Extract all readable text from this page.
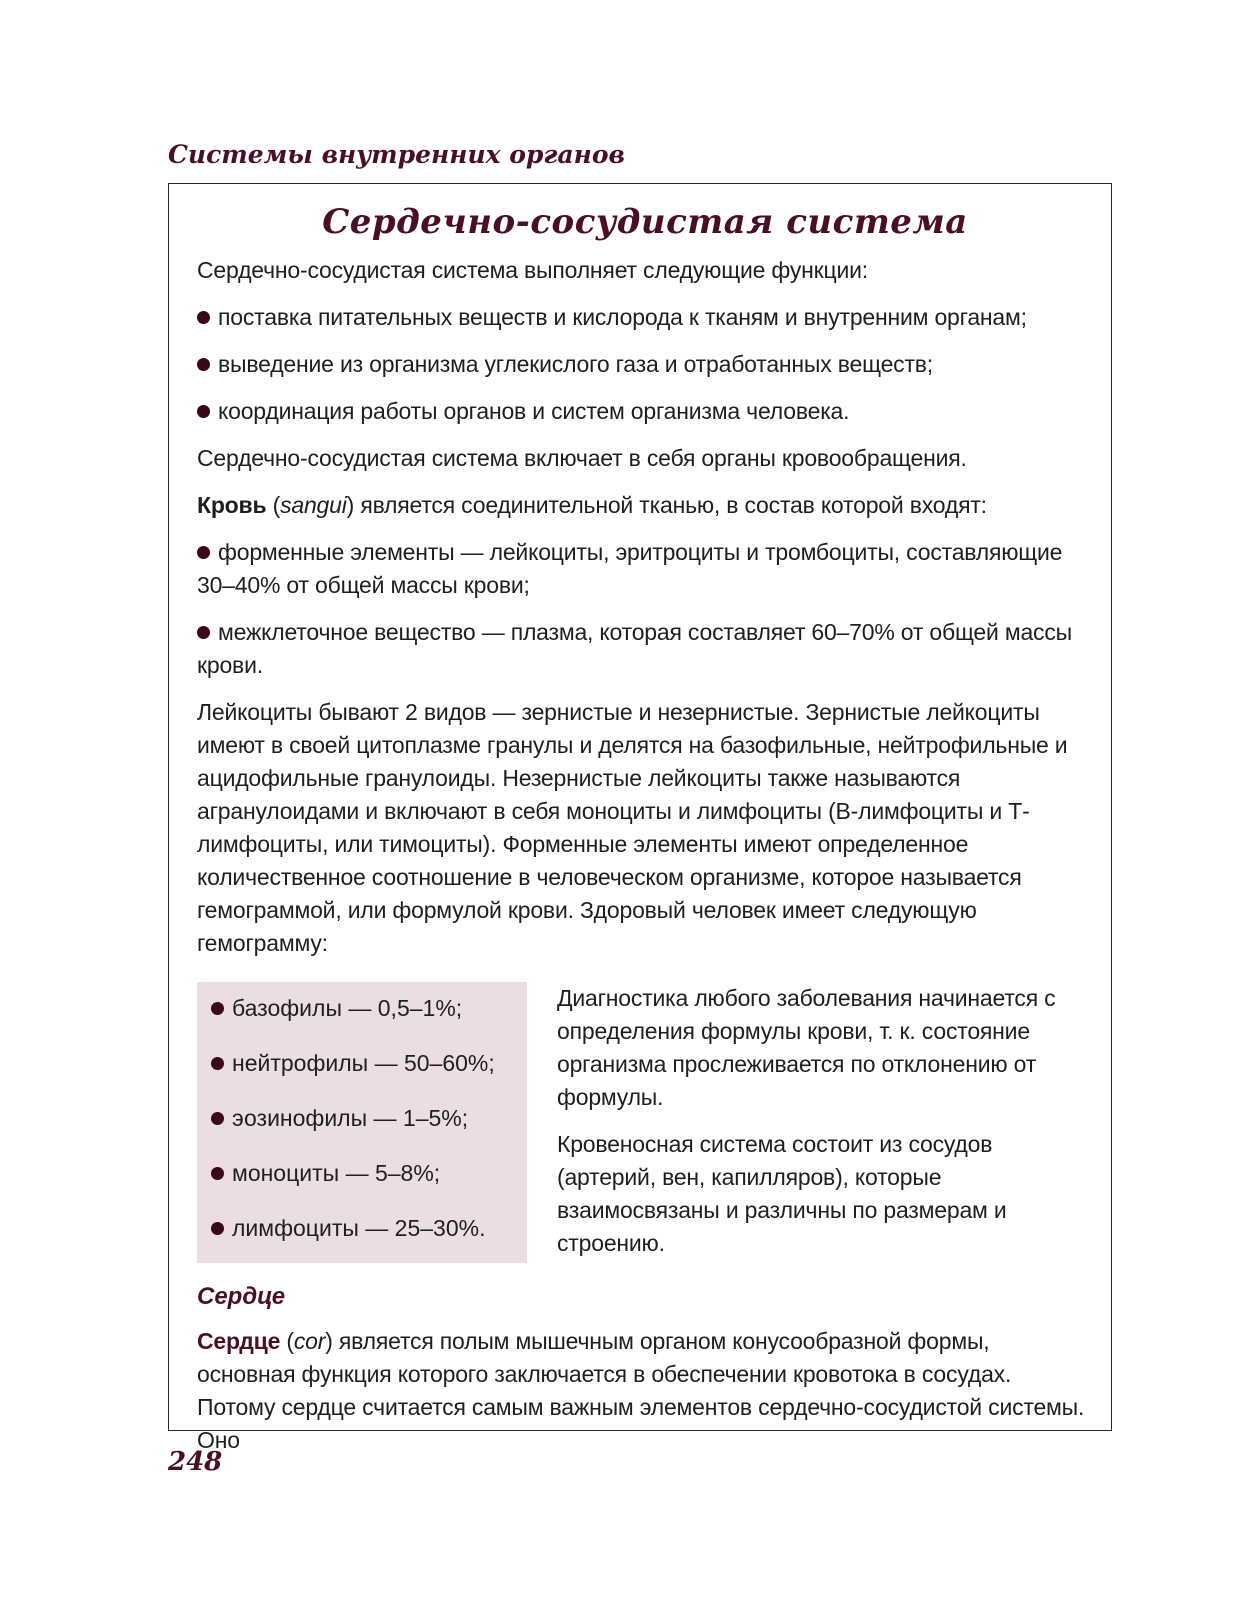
Системы внутренних органов
Сердечно-сосудистая система

Сердечно-сосудистая система выполняет следующие функции:

поставка питательных веществ и кислорода к тканям и внутренним органам;

выведение из организма углекислого газа и отработанных веществ;

координация работы органов и систем организма человека.

Сердечно-сосудистая система включает в себя органы кровообращения.

Кровь (sangui) является соединительной тканью, в состав которой входят:

форменные элементы — лейкоциты, эритроциты и тромбоциты, составляющие 30–40% от общей массы крови;

межклеточное вещество — плазма, которая составляет 60–70% от общей массы крови.

Лейкоциты бывают 2 видов — зернистые и незернистые. Зернистые лейкоциты имеют в своей цитоплазме гранулы и делятся на базофильные, нейтрофильные и ацидофильные гранулоиды. Незернистые лейкоциты также называются агранулоидами и включают в себя моноциты и лимфоциты (В-лимфоциты и Т-лимфоциты, или тимоциты). Форменные элементы имеют определенное количественное соотношение в человеческом организме, которое называется гемограммой, или формулой крови. Здоровый человек имеет следующую гемограмму:

базофилы — 0,5–1%;
нейтрофилы — 50–60%;
эозинофилы — 1–5%;
моноциты — 5–8%;
лимфоциты — 25–30%.

Диагностика любого заболевания начинается с определения формулы крови, т. к. состояние организма прослеживается по отклонению от формулы.

Кровеносная система состоит из сосудов (артерий, вен, капилляров), которые взаимосвязаны и различны по размерам и строению.

Сердце

Сердце (cor) является полым мышечным органом конусообразной формы, основная функция которого заключается в обеспечении кровотока в сосудах. Потому сердце считается самым важным элементов сердечно-сосудистой системы. Оно

248
